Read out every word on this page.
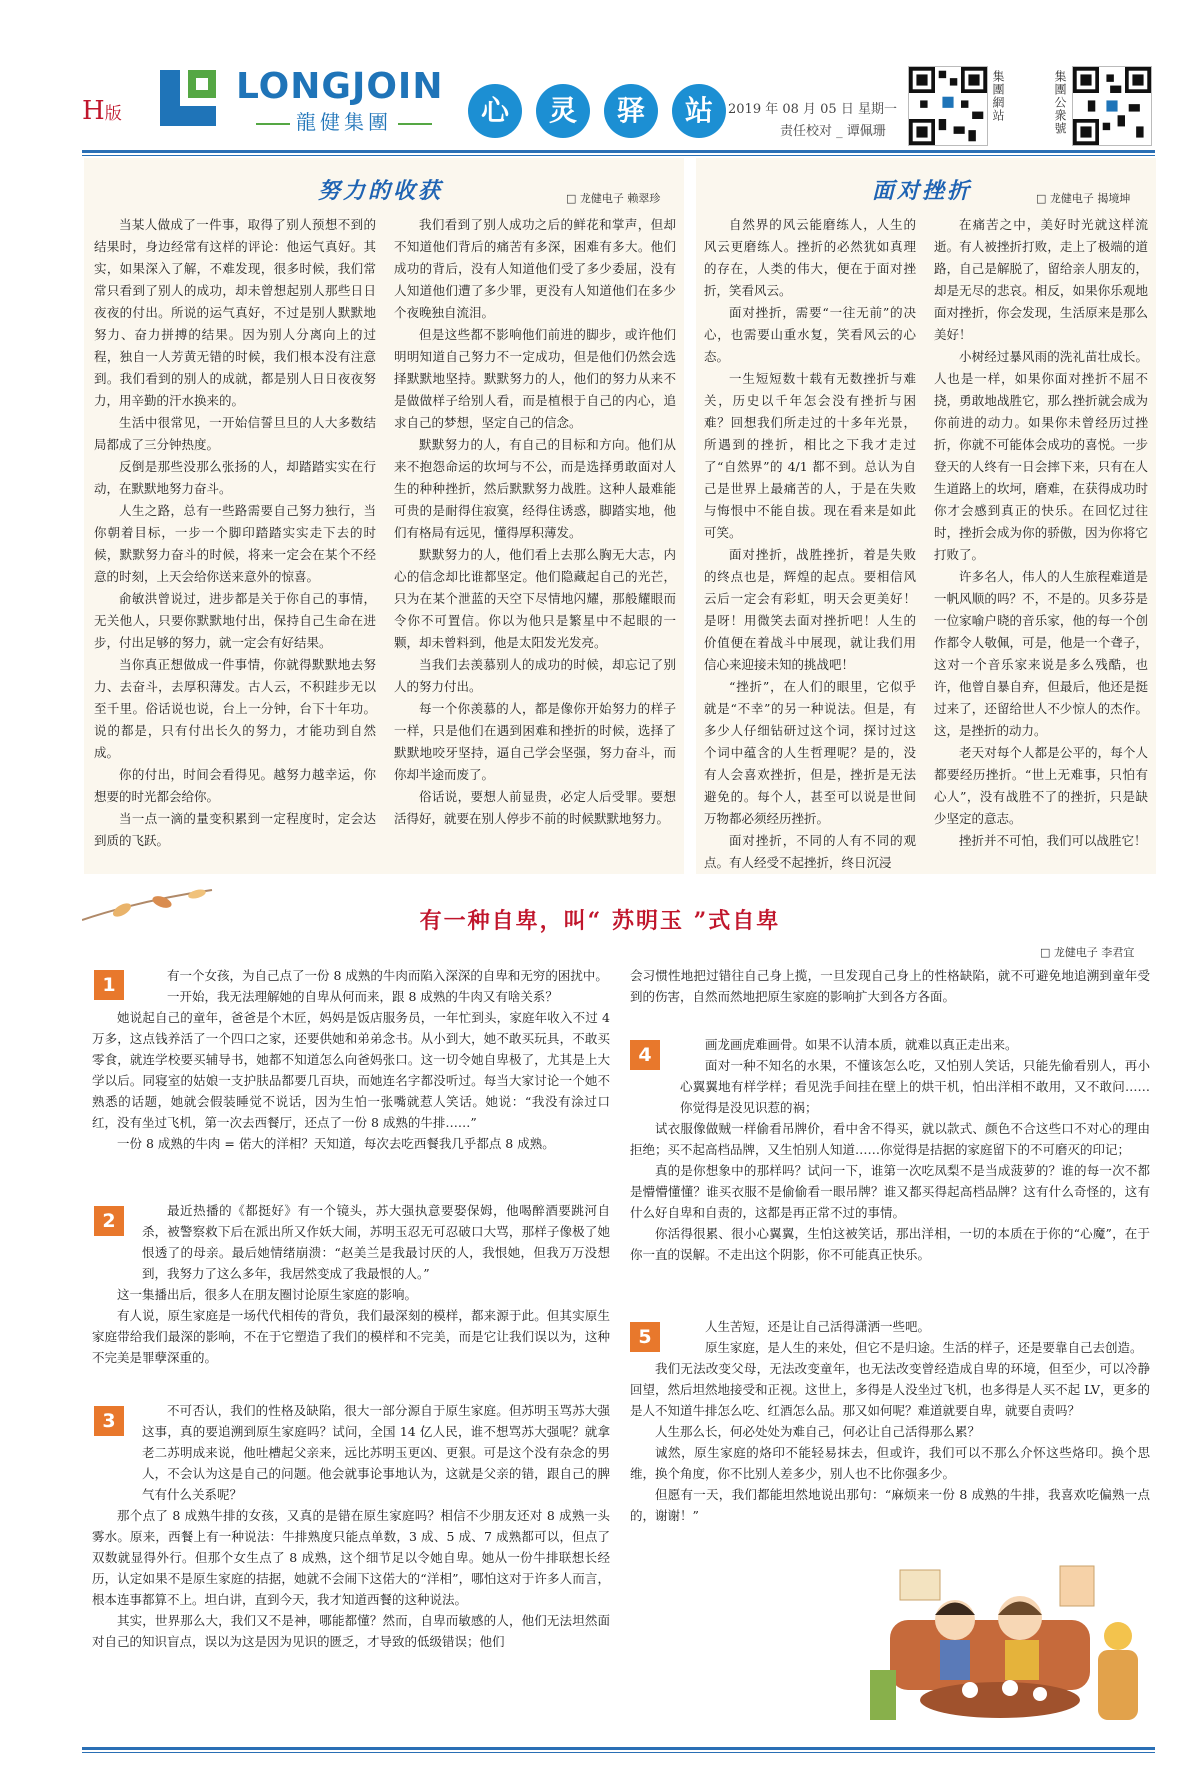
H版
LONGJOIN
龍健集團	心	灵	驿	站	2019 年 08 月 05 日 星期一
责任校对 _ 谭佩珊
集團網站	集團公衆號
努力的收获	□ 龙健电子 赖翠珍

当某人做成了一件事，取得了别人预想不到的结果时，身边经常有这样的评论：他运气真好。其实，如果深入了解，不难发现，很多时候，我们常常只看到了别人的成功，却未曾想起别人那些日日夜夜的付出。所说的运气真好，不过是别人默默地努力、奋力拼搏的结果。因为别人分离向上的过程，独自一人芳黄无错的时候，我们根本没有注意到。我们看到的别人的成就，都是别人日日夜夜努力，用辛勤的汗水换来的。

生活中很常见，一开始信誓旦旦的人大多数结局都成了三分钟热度。

反倒是那些没那么张扬的人，却踏踏实实在行动，在默默地努力奋斗。

人生之路，总有一些路需要自己努力独行，当你朝着目标，一步一个脚印踏踏实实走下去的时候，默默努力奋斗的时候，将来一定会在某个不经意的时刻，上天会给你送来意外的惊喜。

俞敏洪曾说过，进步都是关于你自己的事情，无关他人，只要你默默地付出，保持自己生命在进步，付出足够的努力，就一定会有好结果。

当你真正想做成一件事情，你就得默默地去努力、去奋斗，去厚积薄发。古人云，不积跬步无以至千里。俗话说也说，台上一分钟，台下十年功。说的都是，只有付出长久的努力，才能功到自然成。

你的付出，时间会看得见。越努力越幸运，你想要的时光都会给你。

当一点一滴的量变积累到一定程度时，定会达到质的飞跃。

我们看到了别人成功之后的鲜花和掌声，但却不知道他们背后的痛苦有多深，困难有多大。他们成功的背后，没有人知道他们受了多少委屈，没有人知道他们遭了多少罪，更没有人知道他们在多少个夜晚独自流泪。

但是这些都不影响他们前进的脚步，或许他们明明知道自己努力不一定成功，但是他们仍然会选择默默地坚持。默默努力的人，他们的努力从来不是做做样子给别人看，而是植根于自己的内心，追求自己的梦想，坚定自己的信念。

默默努力的人，有自己的目标和方向。他们从来不抱怨命运的坎坷与不公，而是选择勇敢面对人生的种种挫折，然后默默努力战胜。这种人最难能可贵的是耐得住寂寞，经得住诱惑，脚踏实地，他们有格局有远见，懂得厚积薄发。

默默努力的人，他们看上去那么胸无大志，内心的信念却比谁都坚定。他们隐藏起自己的光芒，只为在某个泄蓝的天空下尽情地闪耀，那般耀眼而令你不可置信。你以为他只是繁星中不起眼的一颗，却未曾料到，他是太阳发光发亮。

当我们去羡慕别人的成功的时候，却忘记了别人的努力付出。

每一个你羡慕的人，都是像你开始努力的样子一样，只是他们在遇到困难和挫折的时候，选择了默默地咬牙坚持，逼自己学会坚强，努力奋斗，而你却半途而废了。

俗话说，要想人前显贵，必定人后受罪。要想活得好，就要在别人停步不前的时候默默地努力。

面对挫折	□ 龙健电子 揭境坤

自然界的风云能磨练人，人生的风云更磨练人。挫折的必然犹如真理的存在，人类的伟大，便在于面对挫折，笑看风云。

面对挫折，需要“一往无前”的决心，也需要山重水复，笑看风云的心态。

一生短短数十载有无数挫折与难关，历史以千年怎会没有挫折与困难？回想我们所走过的十多年光景，所遇到的挫折，相比之下我才走过了“自然界”的 4/1 都不到。总认为自己是世界上最痛苦的人，于是在失败与悔恨中不能自拔。现在看来是如此可笑。

面对挫折，战胜挫折，着是失败的终点也是，辉煌的起点。要相信风云后一定会有彩虹，明天会更美好！是呀！用微笑去面对挫折吧！人生的价值便在着战斗中展现，就让我们用信心来迎接未知的挑战吧！

“挫折”，在人们的眼里，它似乎就是“不幸”的另一种说法。但是，有多少人仔细钻研过这个词，探讨过这个词中蕴含的人生哲理呢？是的，没有人会喜欢挫折，但是，挫折是无法避免的。每个人，甚至可以说是世间万物都必须经历挫折。

面对挫折，不同的人有不同的观点。有人经受不起挫折，终日沉浸

在痛苦之中，美好时光就这样流逝。有人被挫折打败，走上了极端的道路，自己是解脱了，留给亲人朋友的，却是无尽的悲哀。相反，如果你乐观地面对挫折，你会发现，生活原来是那么美好！

小树经过暴风雨的洗礼苗壮成长。人也是一样，如果你面对挫折不屈不挠，勇敢地战胜它，那么挫折就会成为你前进的动力。如果你未曾经历过挫折，你就不可能体会成功的喜悦。一步登天的人终有一日会摔下来，只有在人生道路上的坎坷，磨难，在获得成功时你才会感到真正的快乐。在回忆过往时，挫折会成为你的骄傲，因为你将它打败了。

许多名人，伟人的人生旅程难道是一帆风顺的吗？不，不是的。贝多芬是一位家喻户晓的音乐家，他的每一个创作都令人敬佩，可是，他是一个聋子，这对一个音乐家来说是多么残酷，也许，他曾自暴自弃，但最后，他还是挺过来了，还留给世人不少惊人的杰作。这，是挫折的动力。

老天对每个人都是公平的，每个人都要经历挫折。“世上无难事，只怕有心人”，没有战胜不了的挫折，只是缺少坚定的意志。

挫折并不可怕，我们可以战胜它！

有一种自卑，叫“ 苏明玉 ”式自卑
□ 龙健电子 李君宜
1	有一个女孩，为自己点了一份 8 成熟的牛肉而陷入深深的自卑和无穷的困扰中。

一开始，我无法理解她的自卑从何而来，跟 8 成熟的牛肉又有啥关系？

她说起自己的童年，爸爸是个木匠，妈妈是饭店服务员，一年忙到头，家庭年收入不过 4 万多，这点钱养活了一个四口之家，还要供她和弟弟念书。从小到大，她不敢买玩具，不敢买零食，就连学校要买辅导书，她都不知道怎么向爸妈张口。这一切令她自卑极了，尤其是上大学以后。同寝室的姑娘一支护肤品都要几百块，而她连名字都没听过。每当大家讨论一个她不熟悉的话题，她就会假装睡觉不说话，因为生怕一张嘴就惹人笑话。她说：“我没有涂过口红，没有坐过飞机，第一次去西餐厅，还点了一份 8 成熟的牛排……”

一份 8 成熟的牛肉 = 偌大的洋相？天知道，每次去吃西餐我几乎都点 8 成熟。

2	最近热播的《都挺好》有一个镜头，苏大强执意要娶保姆，他喝醉酒要跳河自杀，被警察救下后在派出所又作妖大闹，苏明玉忍无可忍破口大骂，那样子像极了她恨透了的母亲。最后她情绪崩溃：“赵美兰是我最讨厌的人，我恨她，但我万万没想到，我努力了这么多年，我居然变成了我最恨的人。”

这一集播出后，很多人在朋友圈讨论原生家庭的影响。

有人说，原生家庭是一场代代相传的背负，我们最深刻的模样，都来源于此。但其实原生家庭带给我们最深的影响，不在于它塑造了我们的模样和不完美，而是它让我们误以为，这种不完美是罪孽深重的。

3	不可否认，我们的性格及缺陷，很大一部分源自于原生家庭。但苏明玉骂苏大强这事，真的要追溯到原生家庭吗？试问，全国 14 亿人民，谁不想骂苏大强呢？就拿老二苏明成来说，他吐槽起父亲来，远比苏明玉更凶、更狠。可是这个没有杂念的男人，不会认为这是自己的问题。他会就事论事地认为，这就是父亲的错，跟自己的脾气有什么关系呢？

那个点了 8 成熟牛排的女孩，又真的是错在原生家庭吗？相信不少朋友还对 8 成熟一头雾水。原来，西餐上有一种说法：牛排熟度只能点单数，3 成、5 成、7 成熟都可以，但点了双数就显得外行。但那个女生点了 8 成熟，这个细节足以令她自卑。她从一份牛排联想长经历，认定如果不是原生家庭的拮据，她就不会闹下这偌大的“洋相”，哪怕这对于许多人而言，根本连事都算不上。坦白讲，直到今天，我才知道西餐的这种说法。

其实，世界那么大，我们又不是神，哪能都懂？然而，自卑而敏感的人，他们无法坦然面对自己的知识盲点，误以为这是因为见识的匮乏，才导致的低级错误；他们

会习惯性地把过错往自己身上揽，一旦发现自己身上的性格缺陷，就不可避免地追溯到童年受到的伤害，自然而然地把原生家庭的影响扩大到各方各面。

4	画龙画虎难画骨。如果不认清本质，就难以真正走出来。

面对一种不知名的水果，不懂该怎么吃，又怕别人笑话，只能先偷看别人，再小心翼翼地有样学样；看见洗手间挂在壁上的烘干机，怕出洋相不敢用，又不敢问……你觉得是没见识惹的祸；

试衣服像做贼一样偷看吊牌价，看中舍不得买，就以款式、颜色不合这些口不对心的理由拒绝；买不起高档品牌，又生怕别人知道……你觉得是拮据的家庭留下的不可磨灭的印记；

真的是你想象中的那样吗？试问一下，谁第一次吃凤梨不是当成菠萝的？谁的每一次不都是懵懵懂懂？谁买衣服不是偷偷看一眼吊牌？谁又都买得起高档品牌？这有什么奇怪的，这有什么好自卑和自责的，这都是再正常不过的事情。

你活得很累、很小心翼翼，生怕这被笑话，那出洋相，一切的本质在于你的“心魔”，在于你一直的误解。不走出这个阴影，你不可能真正快乐。

5	人生苦短，还是让自己活得潇洒一些吧。

原生家庭，是人生的来处，但它不是归途。生活的样子，还是要靠自己去创造。

我们无法改变父母，无法改变童年，也无法改变曾经造成自卑的环境，但至少，可以冷静回望，然后坦然地接受和正视。这世上，多得是人没坐过飞机，也多得是人买不起 LV，更多的是人不知道牛排怎么吃、红酒怎么品。那又如何呢？难道就要自卑，就要自责吗？

人生那么长，何必处处为难自己，何必让自己活得那么累？

诚然，原生家庭的烙印不能轻易抹去，但或许，我们可以不那么介怀这些烙印。换个思维，换个角度，你不比别人差多少，别人也不比你强多少。

但愿有一天，我们都能坦然地说出那句：“麻烦来一份 8 成熟的牛排，我喜欢吃偏熟一点的，谢谢！”
